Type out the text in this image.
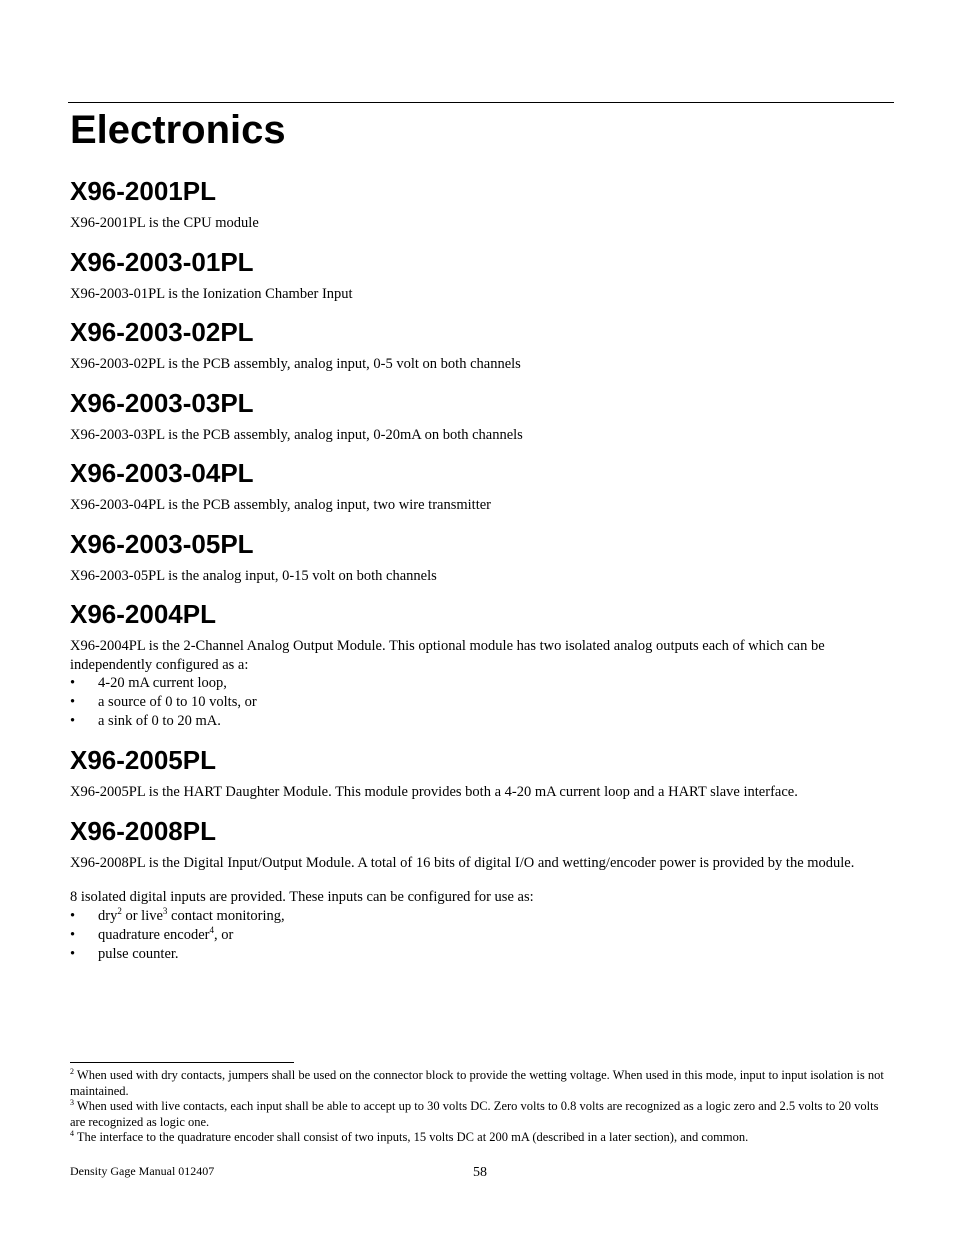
Electronics
X96-2001PL

X96-2001PL is the CPU module

X96-2003-01PL

X96-2003-01PL is the Ionization Chamber Input

X96-2003-02PL

X96-2003-02PL is the PCB assembly, analog input, 0-5 volt on both channels

X96-2003-03PL

X96-2003-03PL is the PCB assembly, analog input, 0-20mA on both channels

X96-2003-04PL

X96-2003-04PL is the PCB assembly, analog input, two wire transmitter

X96-2003-05PL

X96-2003-05PL is the analog input, 0-15 volt on both channels

X96-2004PL

X96-2004PL is the 2-Channel Analog Output Module. This optional module has two isolated analog outputs each of which can be independently configured as a:

• 4-20 mA current loop,
• a source of 0 to 10 volts, or
• a sink of 0 to 20 mA.
X96-2005PL

X96-2005PL is the HART Daughter Module. This module provides both a 4-20 mA current loop and a HART slave interface.

X96-2008PL

X96-2008PL is the Digital Input/Output Module. A total of 16 bits of digital I/O and wetting/encoder power is provided by the module.

8 isolated digital inputs are provided. These inputs can be configured for use as:

• dry$^2$ or live$^3$ contact monitoring,
• quadrature encoder$^4$, or
• pulse counter.

$^2$ When used with dry contacts, jumpers shall be used on the connector block to provide the wetting voltage. When used in this mode, input to input isolation is not maintained.

$^3$ When used with live contacts, each input shall be able to accept up to 30 volts DC. Zero volts to 0.8 volts are recognized as a logic zero and 2.5 volts to 20 volts are recognized as logic one.

$^4$ The interface to the quadrature encoder shall consist of two inputs, 15 volts DC at 200 mA (described in a later section), and common.

Density Gage Manual 012407	58
